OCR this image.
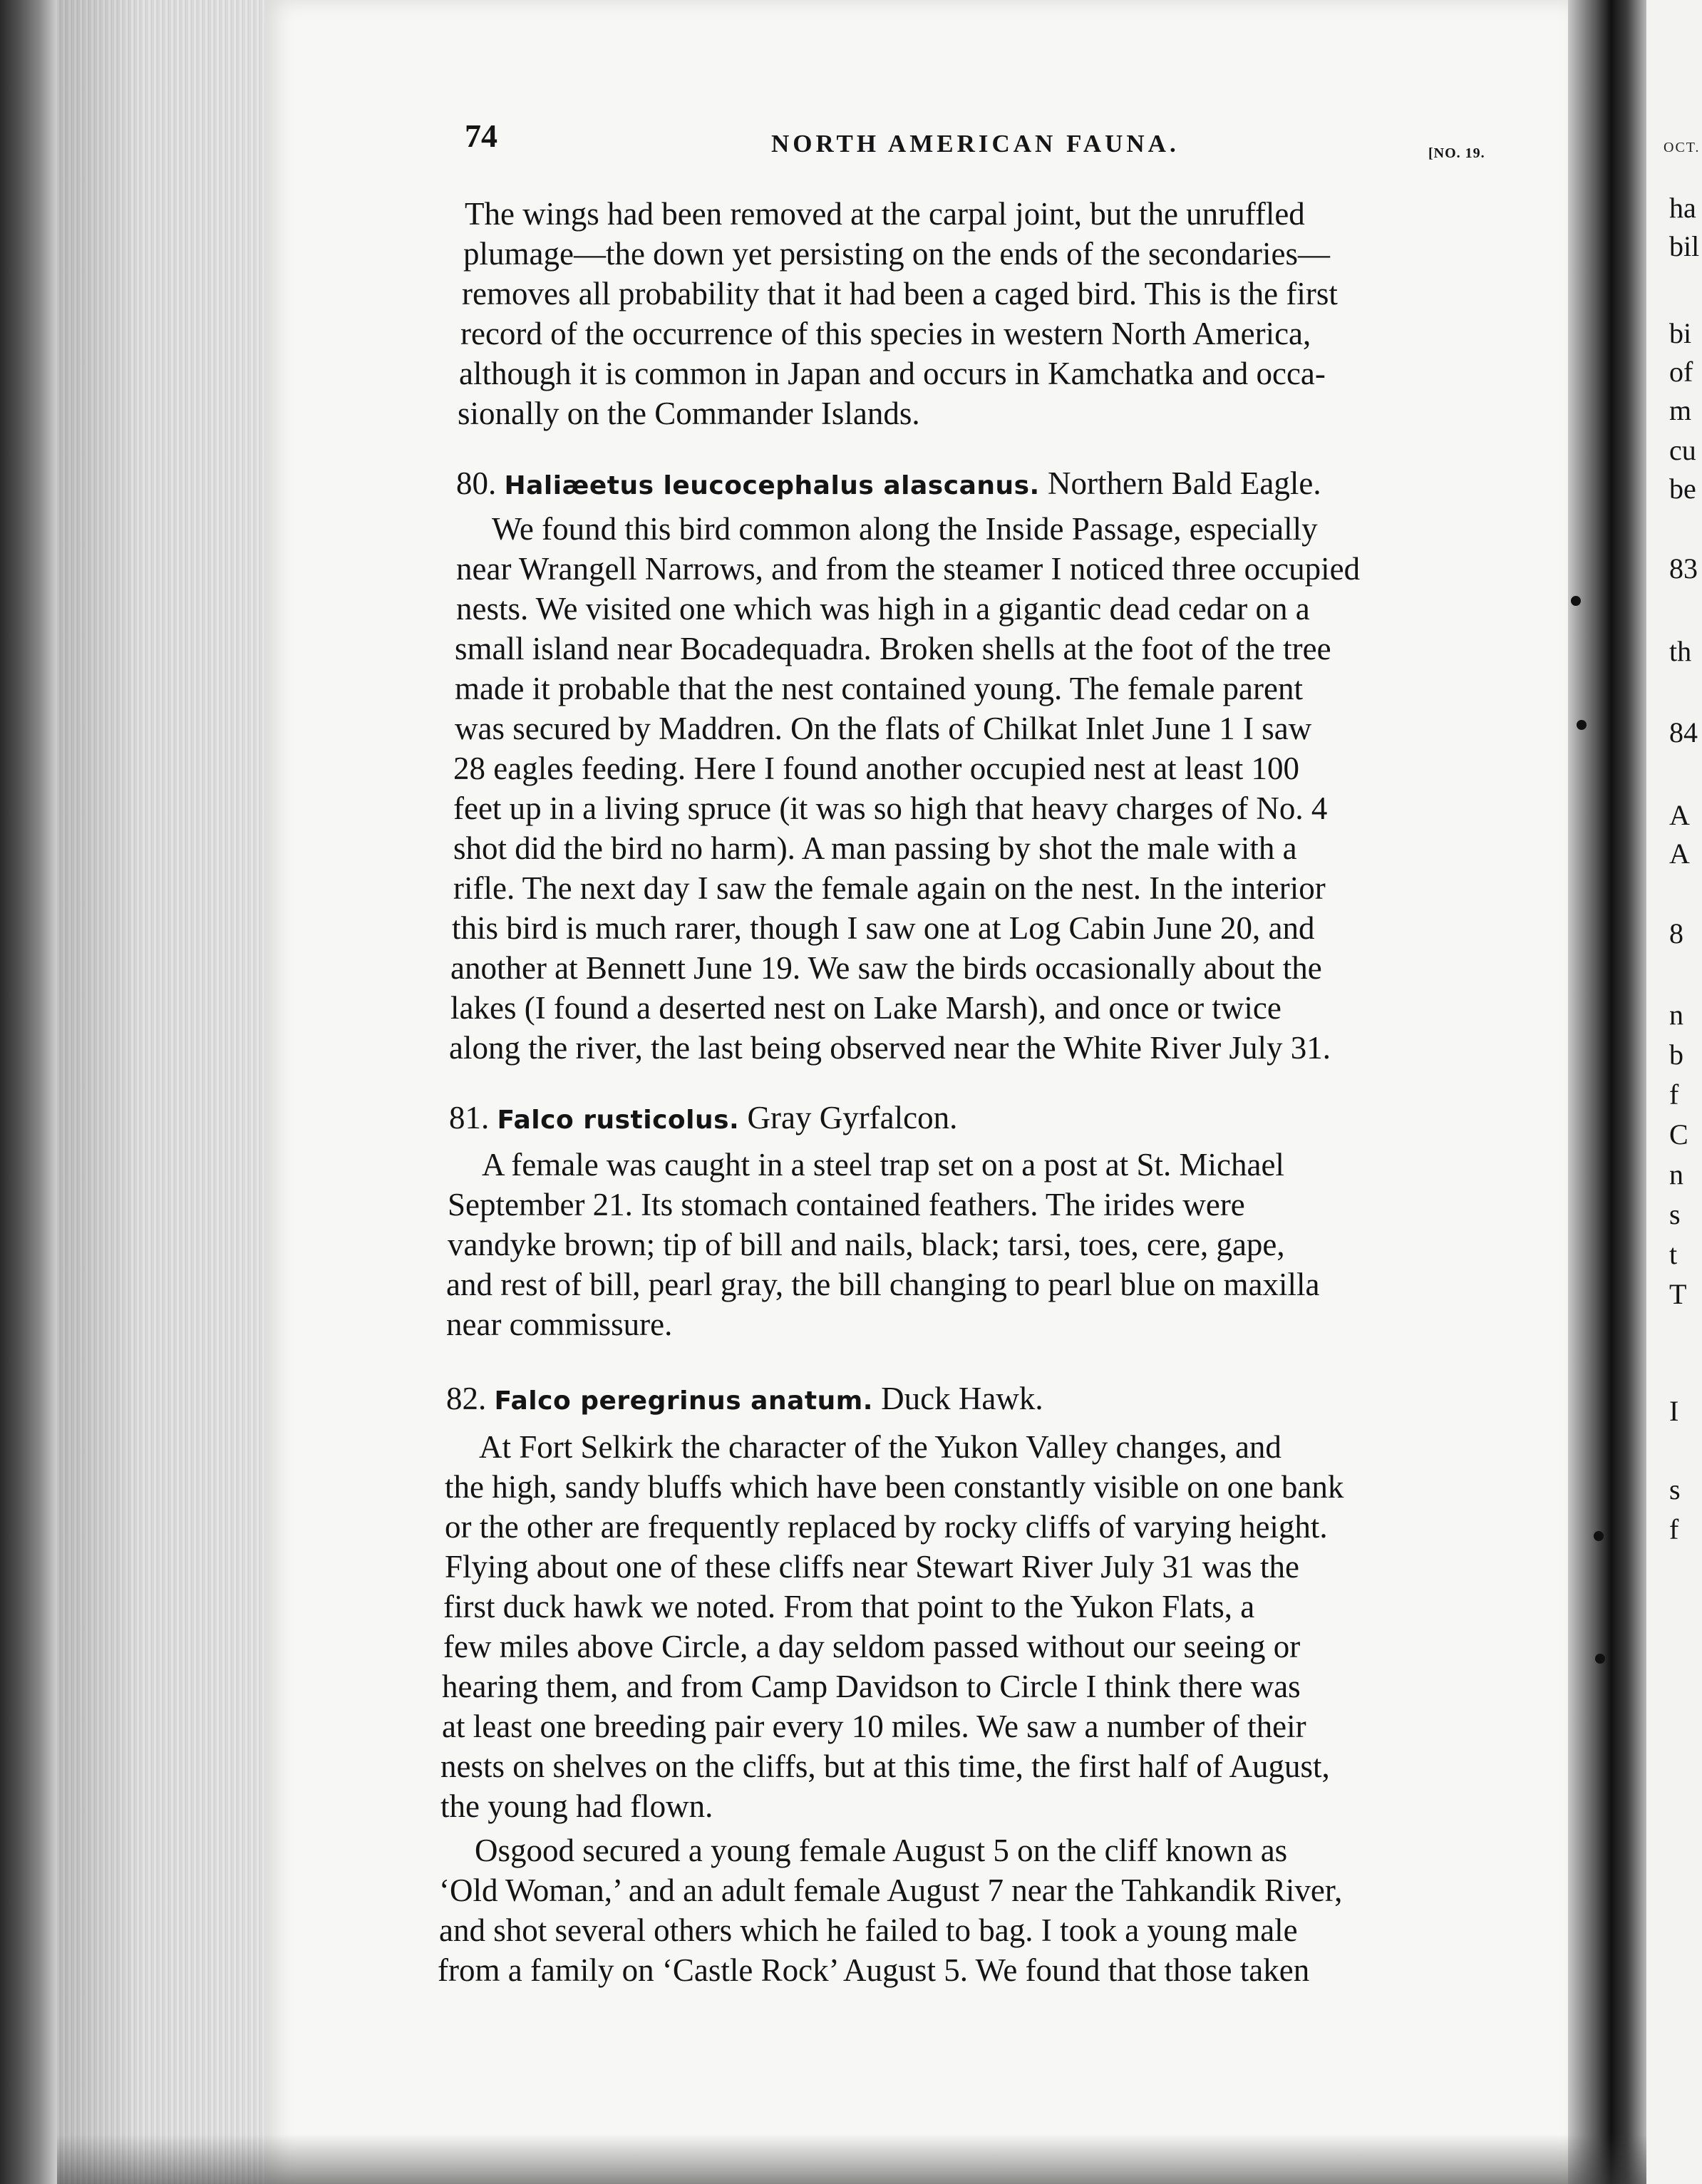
OCT.
ha
bil
bi
of
m
cu
be
83
th
84
A
A
8
n
b
f
C
n
s
t
T
I
s
f
74	NORTH AMERICAN FAUNA.	[NO. 19.
The wings had been removed at the carpal joint, but the unruffled
plumage—the down yet persisting on the ends of the secondaries—
removes all probability that it had been a caged bird. This is the first
record of the occurrence of this species in western North America,
although it is common in Japan and occurs in Kamchatka and occa-
sionally on the Commander Islands.
80. Haliæetus leucocephalus alascanus. Northern Bald Eagle.
We found this bird common along the Inside Passage, especially
near Wrangell Narrows, and from the steamer I noticed three occupied
nests. We visited one which was high in a gigantic dead cedar on a
small island near Bocadequadra. Broken shells at the foot of the tree
made it probable that the nest contained young. The female parent
was secured by Maddren. On the flats of Chilkat Inlet June 1 I saw
28 eagles feeding. Here I found another occupied nest at least 100
feet up in a living spruce (it was so high that heavy charges of No. 4
shot did the bird no harm). A man passing by shot the male with a
rifle. The next day I saw the female again on the nest. In the interior
this bird is much rarer, though I saw one at Log Cabin June 20, and
another at Bennett June 19. We saw the birds occasionally about the
lakes (I found a deserted nest on Lake Marsh), and once or twice
along the river, the last being observed near the White River July 31.
81. Falco rusticolus. Gray Gyrfalcon.
A female was caught in a steel trap set on a post at St. Michael
September 21. Its stomach contained feathers. The irides were
vandyke brown; tip of bill and nails, black; tarsi, toes, cere, gape,
and rest of bill, pearl gray, the bill changing to pearl blue on maxilla
near commissure.
82. Falco peregrinus anatum. Duck Hawk.
At Fort Selkirk the character of the Yukon Valley changes, and
the high, sandy bluffs which have been constantly visible on one bank
or the other are frequently replaced by rocky cliffs of varying height.
Flying about one of these cliffs near Stewart River July 31 was the
first duck hawk we noted. From that point to the Yukon Flats, a
few miles above Circle, a day seldom passed without our seeing or
hearing them, and from Camp Davidson to Circle I think there was
at least one breeding pair every 10 miles. We saw a number of their
nests on shelves on the cliffs, but at this time, the first half of August,
the young had flown.
Osgood secured a young female August 5 on the cliff known as
‘Old Woman,’ and an adult female August 7 near the Tahkandik River,
and shot several others which he failed to bag. I took a young male
from a family on ‘Castle Rock’ August 5. We found that those taken
